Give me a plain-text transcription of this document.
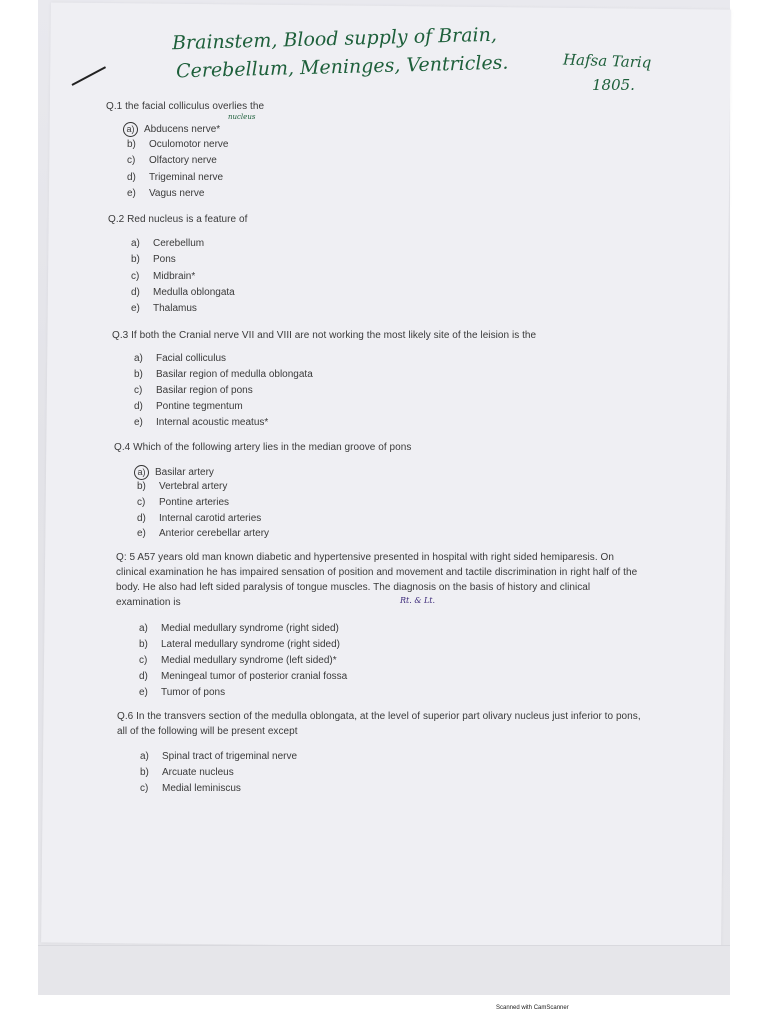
Brainstem, Blood supply of Brain,
Cerebellum, Meninges, Ventricles.	Hafsa Tariq
1805.
Q.1 the facial colliculus overlies the
nucleus
a) Abducens nerve*
b) Oculomotor nerve
c) Olfactory nerve
d) Trigeminal nerve
e) Vagus nerve
Q.2 Red nucleus is a feature of
a) Cerebellum
b) Pons
c) Midbrain*
d) Medulla oblongata
e) Thalamus
Q.3 If both the Cranial nerve VII and VIII are not working the most likely site of the leision is the
a) Facial colliculus
b) Basilar region of medulla oblongata
c) Basilar region of pons
d) Pontine tegmentum
e) Internal acoustic meatus*
Q.4 Which of the following artery lies in the median groove of pons
a) Basilar artery
b) Vertebral artery
c) Pontine arteries
d) Internal carotid arteries
e) Anterior cerebellar artery
Q: 5 A57 years old man known diabetic and hypertensive presented in hospital with right sided hemiparesis. On clinical examination he has impaired sensation of position and movement and tactile discrimination in right half of the body. He also had left sided paralysis of tongue muscles. The diagnosis on the basis of history and clinical examination is	Rt. & Lt.
a) Medial medullary syndrome (right sided)
b) Lateral medullary syndrome (right sided)
c) Medial medullary syndrome (left sided)*
d) Meningeal tumor of posterior cranial fossa
e) Tumor of pons
Q.6 In the transvers section of the medulla oblongata, at the level of superior part olivary nucleus just inferior to pons, all of the following will be present except
a) Spinal tract of trigeminal nerve
b) Arcuate nucleus
c) Medial leminiscus
Scanned with CamScanner
